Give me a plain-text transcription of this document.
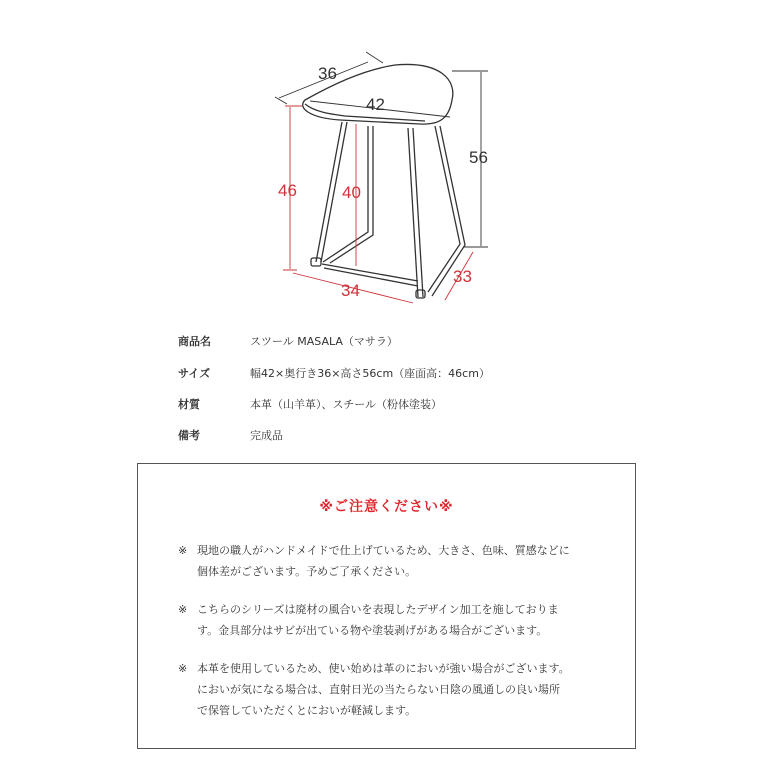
36
42
56
46	40
34
33
商品名	スツール MASALA（マサラ）
サイズ	幅42×奥行き36×高さ56cm（座面高：46cm）
材質	本革（山羊革）、スチール（粉体塗装）
備考	完成品
※ご注意ください※
※ 現地の職人がハンドメイドで仕上げているため、大きさ、色味、質感などに
個体差がございます。予めご了承ください。
※ こちらのシリーズは廃材の風合いを表現したデザイン加工を施しておりま
す。金具部分はサビが出ている物や塗装剥げがある場合がございます。
※ 本革を使用しているため、使い始めは革のにおいが強い場合がございます。
においが気になる場合は、直射日光の当たらない日陰の風通しの良い場所
で保管していただくとにおいが軽減します。
